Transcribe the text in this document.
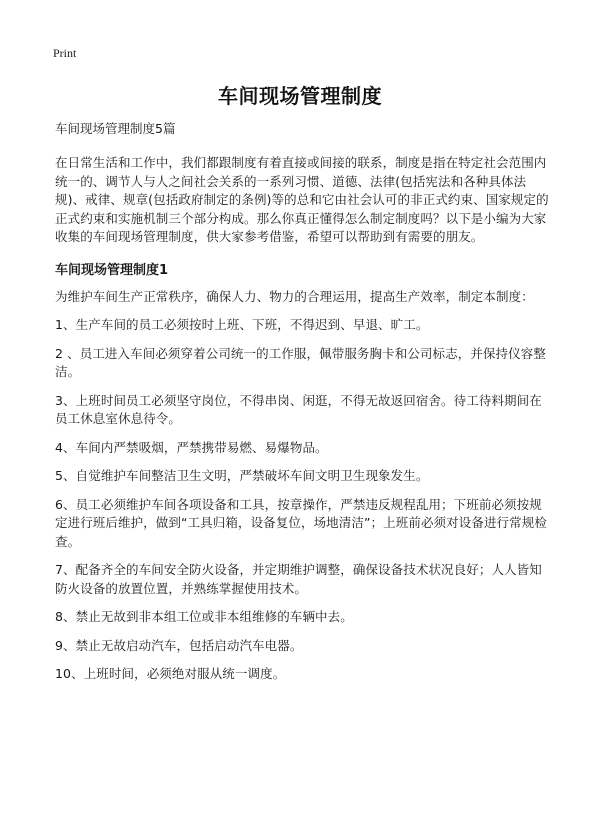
Print
车间现场管理制度

车间现场管理制度5篇

在日常生活和工作中，我们都跟制度有着直接或间接的联系，制度是指在特定社会范围内统一的、调节人与人之间社会关系的一系列习惯、道德、法律(包括宪法和各种具体法规)、戒律、规章(包括政府制定的条例)等的总和它由社会认可的非正式约束、国家规定的正式约束和实施机制三个部分构成。那么你真正懂得怎么制定制度吗？以下是小编为大家收集的车间现场管理制度，供大家参考借鉴，希望可以帮助到有需要的朋友。

车间现场管理制度1

为维护车间生产正常秩序，确保人力、物力的合理运用，提高生产效率，制定本制度：

1、生产车间的员工必须按时上班、下班，不得迟到、早退、旷工。

2 、员工进入车间必须穿着公司统一的工作服，佩带服务胸卡和公司标志，并保持仪容整洁。

3、上班时间员工必须坚守岗位，不得串岗、闲逛，不得无故返回宿舍。待工待料期间在员工休息室休息待令。

4、车间内严禁吸烟，严禁携带易燃、易爆物品。

5、自觉维护车间整洁卫生文明，严禁破坏车间文明卫生现象发生。

6、员工必须维护车间各项设备和工具，按章操作，严禁违反规程乱用；下班前必须按规定进行班后维护，做到“工具归箱，设备复位，场地清洁”；上班前必须对设备进行常规检查。

7、配备齐全的车间安全防火设备，并定期维护调整，确保设备技术状况良好；人人皆知防火设备的放置位置，并熟练掌握使用技术。

8、禁止无故到非本组工位或非本组维修的车辆中去。

9、禁止无故启动汽车，包括启动汽车电器。

10、上班时间，必须绝对服从统一调度。
